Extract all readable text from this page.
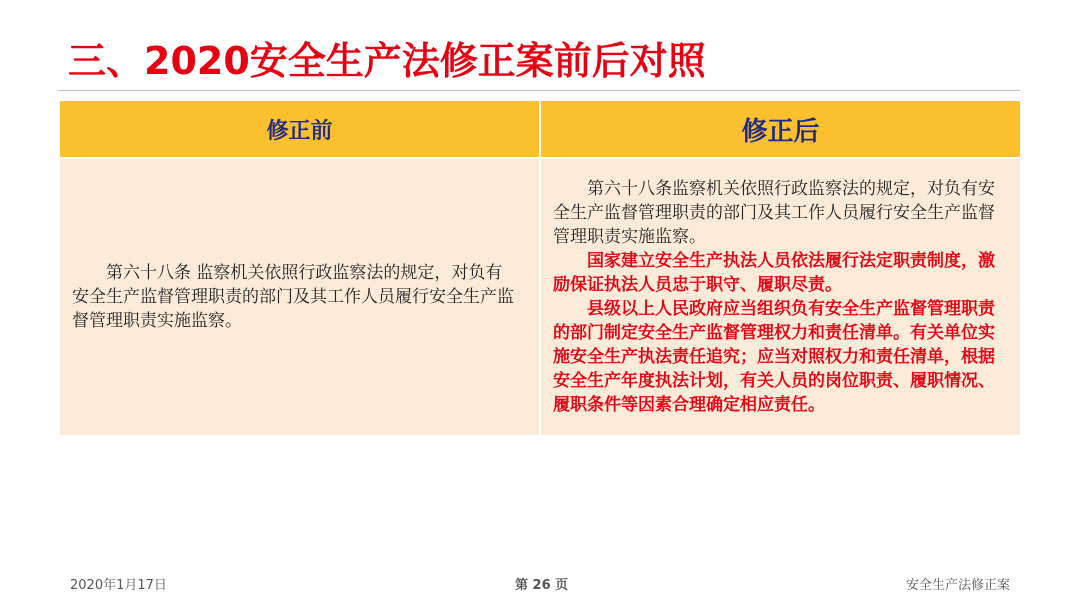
三、2020安全生产法修正案前后对照
修正前	修正后

第六十八条 监察机关依照行政监察法的规定，对负有安全生产监督管理职责的部门及其工作人员履行安全生产监督管理职责实施监察。	第六十八条监察机关依照行政监察法的规定，对负有安全生产监督管理职责的部门及其工作人员履行安全生产监督管理职责实施监察。

国家建立安全生产执法人员依法履行法定职责制度，激励保证执法人员忠于职守、履职尽责。

县级以上人民政府应当组织负有安全生产监督管理职责的部门制定安全生产监督管理权力和责任清单。有关单位实施安全生产执法责任追究；应当对照权力和责任清单，根据安全生产年度执法计划，有关人员的岗位职责、履职情况、履职条件等因素合理确定相应责任。

2020年1月17日	第 26 页	安全生产法修正案
